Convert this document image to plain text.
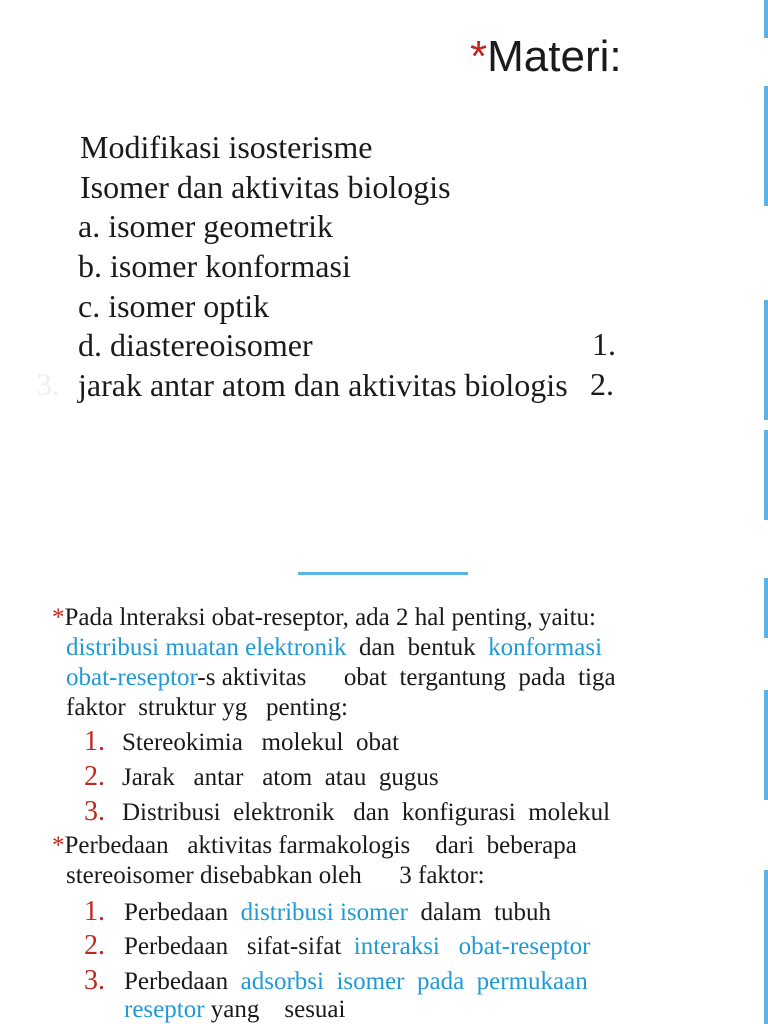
*Materi:
Modifikasi isosterisme
Isomer dan aktivitas biologis
a. isomer geometrik
b. isomer konformasi
c. isomer optik
d. diastereoisomer
jarak antar atom dan aktivitas biologis
3.
1.
2.
*Pada lnteraksi obat-reseptor, ada 2 hal penting, yaitu:
distribusi muatan elektronik  dan  bentuk  konformasi
obat-reseptor-s aktivitas      obat  tergantung  pada  tiga
faktor  struktur yg   penting:
1. Stereokimia   molekul  obat
2. Jarak   antar   atom  atau  gugus
3. Distribusi  elektronik   dan  konfigurasi  molekul
*Perbedaan   aktivitas farmakologis    dari  beberapa
stereoisomer disebabkan oleh      3 faktor:
1. Perbedaan  distribusi isomer  dalam  tubuh
2. Perbedaan   sifat-sifat  interaksi   obat-reseptor
3. Perbedaan  adsorbsi  isomer  pada  permukaan
reseptor yang    sesuai
